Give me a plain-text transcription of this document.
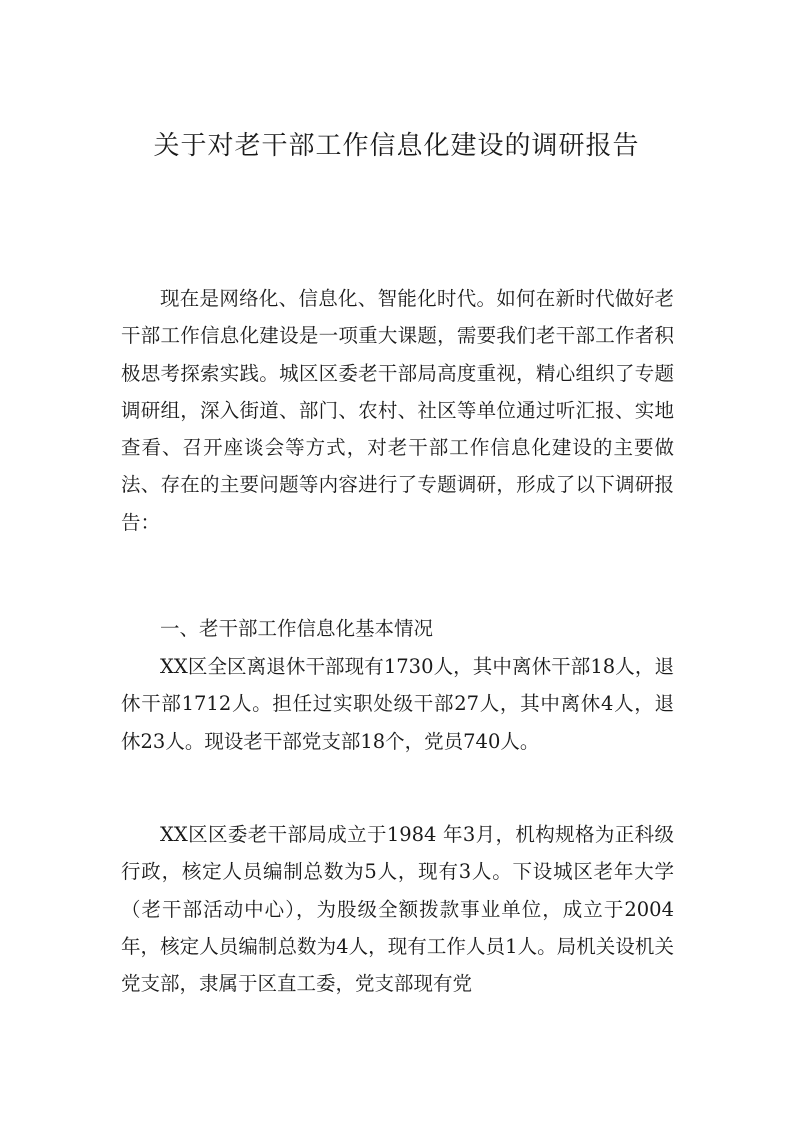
关于对老干部工作信息化建设的调研报告

现在是网络化、信息化、智能化时代。如何在新时代做好老干部工作信息化建设是一项重大课题，需要我们老干部工作者积极思考探索实践。城区区委老干部局高度重视，精心组织了专题调研组，深入街道、部门、农村、社区等单位通过听汇报、实地查看、召开座谈会等方式，对老干部工作信息化建设的主要做法、存在的主要问题等内容进行了专题调研，形成了以下调研报告：

一、老干部工作信息化基本情况

XX区全区离退休干部现有1730人，其中离休干部18人，退休干部1712人。担任过实职处级干部27人，其中离休4人，退休23人。现设老干部党支部18个，党员740人。

XX区区委老干部局成立于1984 年3月，机构规格为正科级行政，核定人员编制总数为5人，现有3人。下设城区老年大学（老干部活动中心），为股级全额拨款事业单位，成立于2004年，核定人员编制总数为4人，现有工作人员1人。局机关设机关党支部，隶属于区直工委，党支部现有党
